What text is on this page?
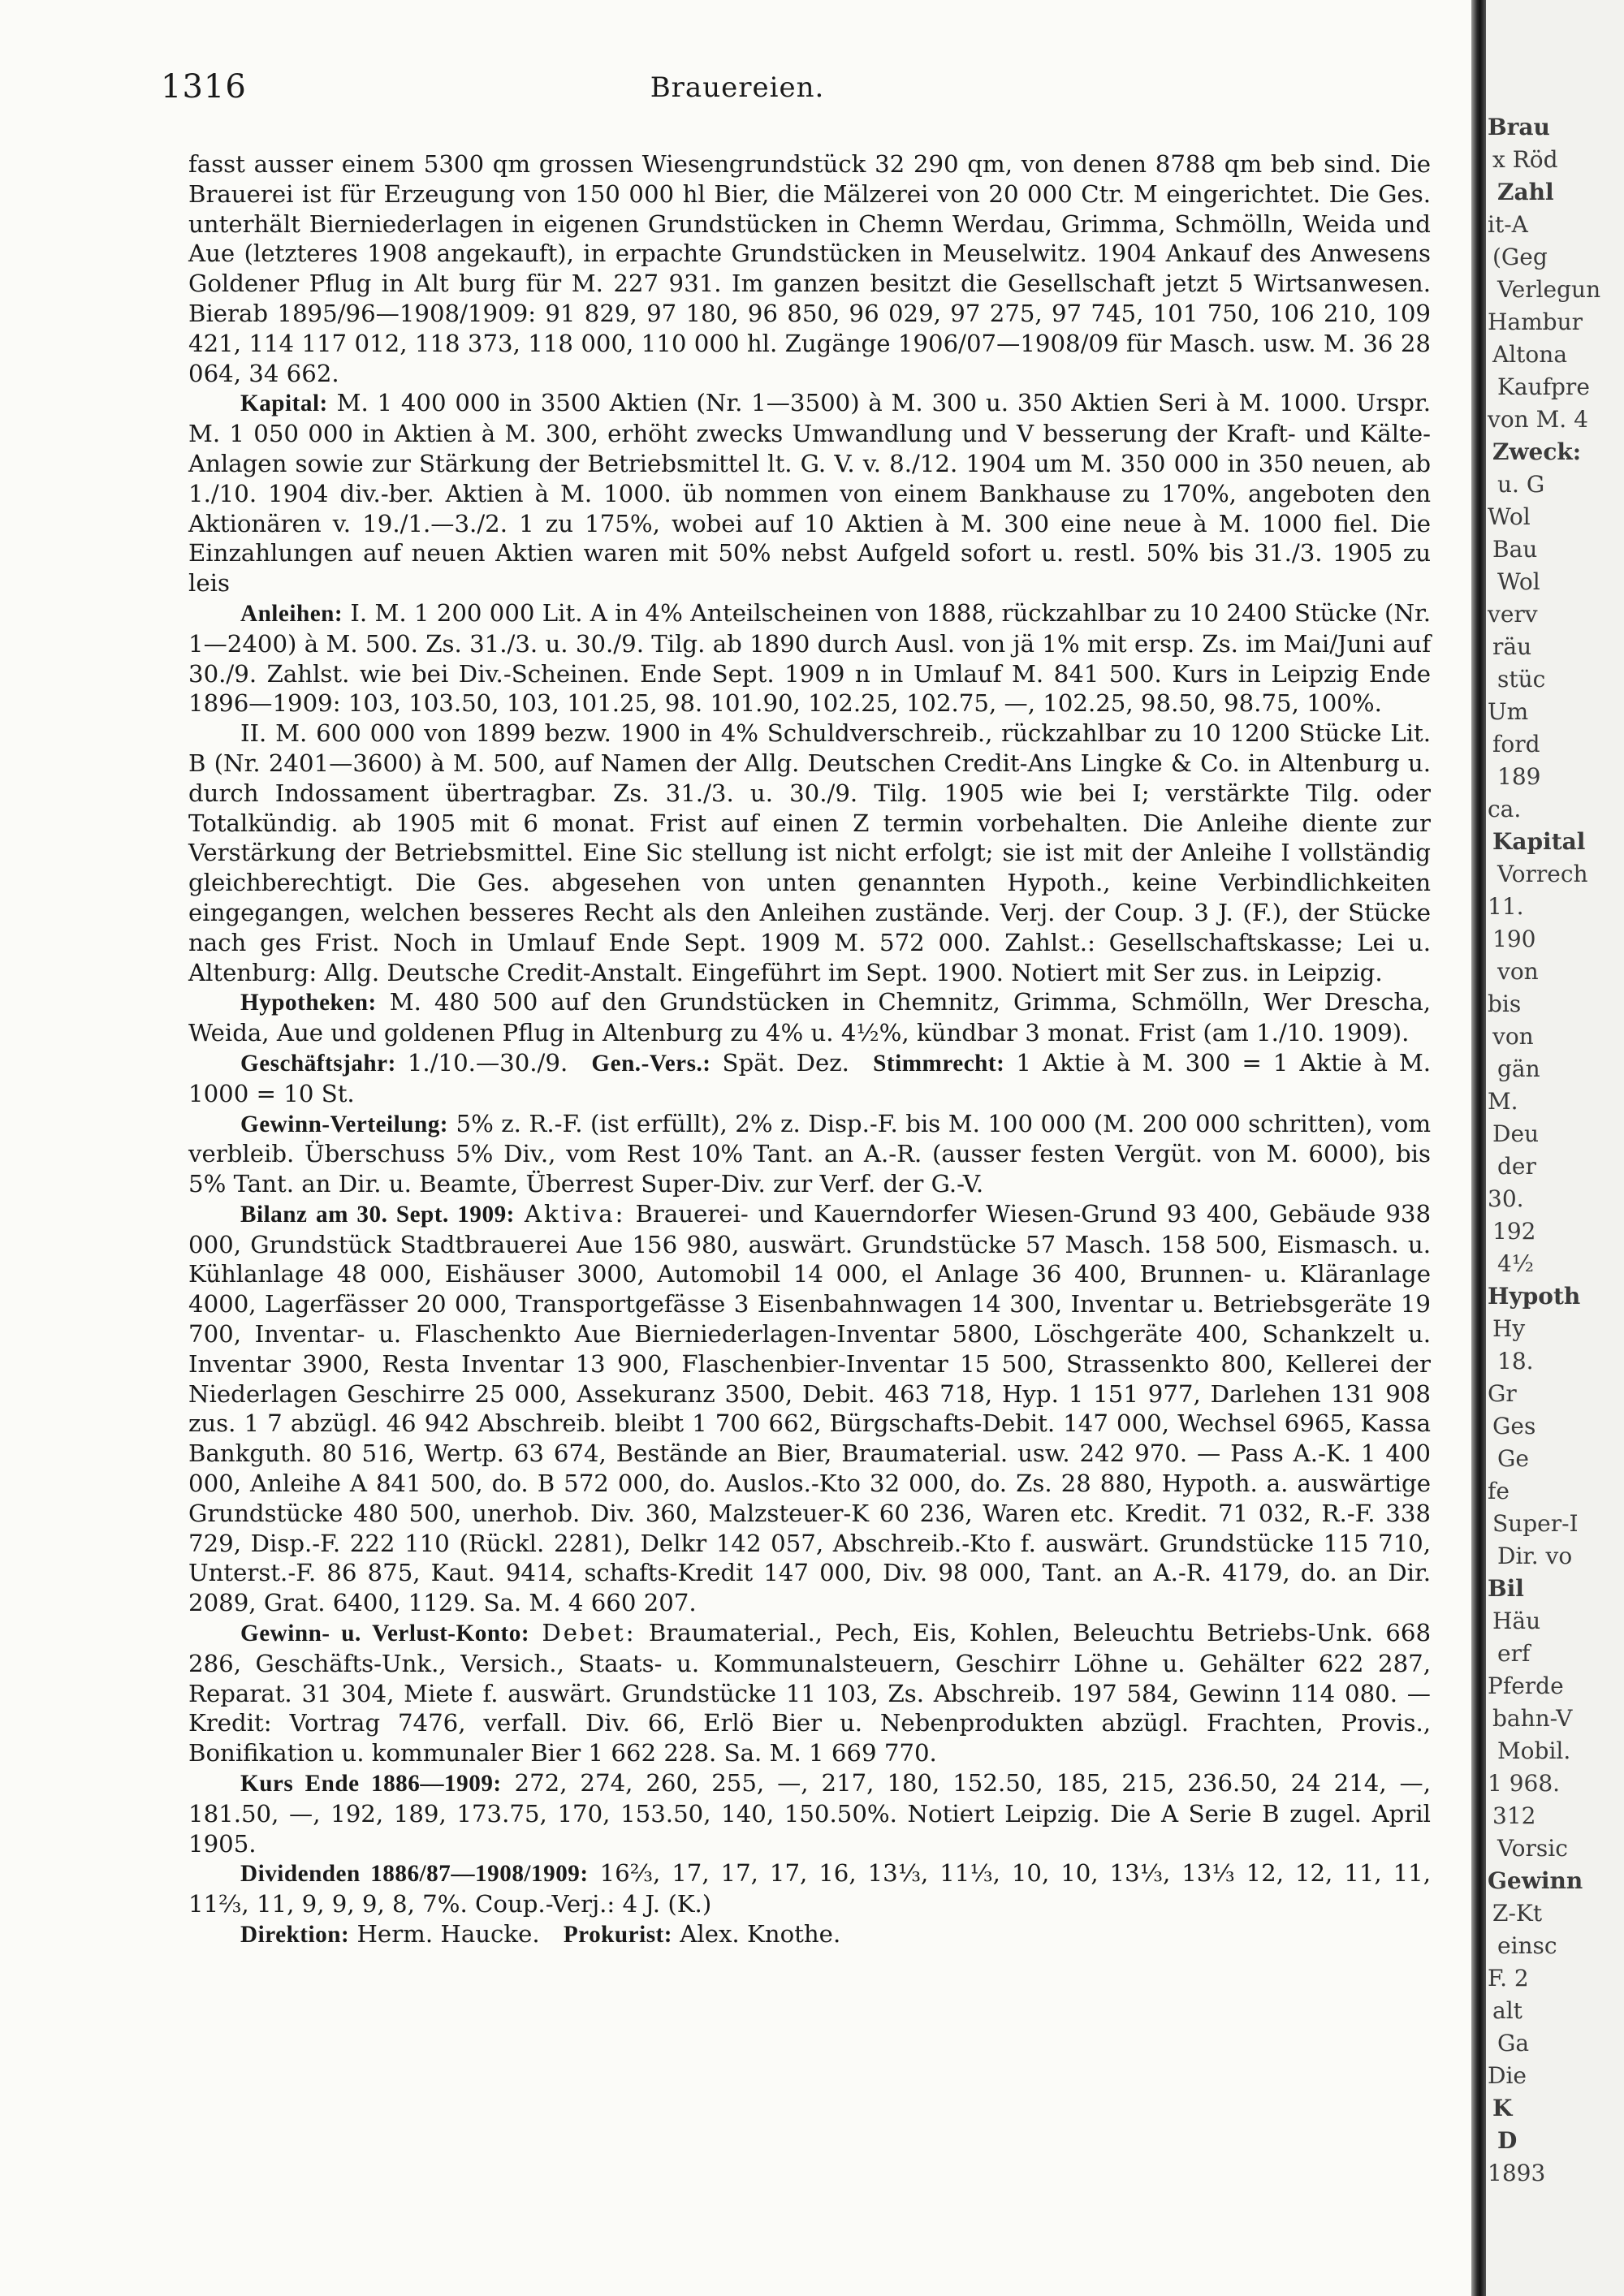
1316	Brauereien.

fasst ausser einem 5300 qm grossen Wiesengrundstück 32 290 qm, von denen 8788 qm beb sind. Die Brauerei ist für Erzeugung von 150 000 hl Bier, die Mälzerei von 20 000 Ctr. M eingerichtet. Die Ges. unterhält Bierniederlagen in eigenen Grundstücken in Chemn Werdau, Grimma, Schmölln, Weida und Aue (letzteres 1908 angekauft), in erpachte Grundstücken in Meuselwitz. 1904 Ankauf des Anwesens Goldener Pflug in Alt burg für M. 227 931. Im ganzen besitzt die Gesellschaft jetzt 5 Wirtsanwesen. Bierab 1895/96—1908/1909: 91 829, 97 180, 96 850, 96 029, 97 275, 97 745, 101 750, 106 210, 109 421, 114 117 012, 118 373, 118 000, 110 000 hl. Zugänge 1906/07—1908/09 für Masch. usw. M. 36 28 064, 34 662.

Kapital: M. 1 400 000 in 3500 Aktien (Nr. 1—3500) à M. 300 u. 350 Aktien Seri à M. 1000. Urspr. M. 1 050 000 in Aktien à M. 300, erhöht zwecks Umwandlung und V besserung der Kraft- und Kälte-Anlagen sowie zur Stärkung der Betriebsmittel lt. G. V. v. 8./12. 1904 um M. 350 000 in 350 neuen, ab 1./10. 1904 div.-ber. Aktien à M. 1000. üb nommen von einem Bankhause zu 170%, angeboten den Aktionären v. 19./1.—3./2. 1 zu 175%, wobei auf 10 Aktien à M. 300 eine neue à M. 1000 fiel. Die Einzahlungen auf neuen Aktien waren mit 50% nebst Aufgeld sofort u. restl. 50% bis 31./3. 1905 zu leis

Anleihen: I. M. 1 200 000 Lit. A in 4% Anteilscheinen von 1888, rückzahlbar zu 10 2400 Stücke (Nr. 1—2400) à M. 500. Zs. 31./3. u. 30./9. Tilg. ab 1890 durch Ausl. von jä 1% mit ersp. Zs. im Mai/Juni auf 30./9. Zahlst. wie bei Div.-Scheinen. Ende Sept. 1909 n in Umlauf M. 841 500. Kurs in Leipzig Ende 1896—1909: 103, 103.50, 103, 101.25, 98. 101.90, 102.25, 102.75, —, 102.25, 98.50, 98.75, 100%.

II. M. 600 000 von 1899 bezw. 1900 in 4% Schuldverschreib., rückzahlbar zu 10 1200 Stücke Lit. B (Nr. 2401—3600) à M. 500, auf Namen der Allg. Deutschen Credit-Ans Lingke & Co. in Altenburg u. durch Indossament übertragbar. Zs. 31./3. u. 30./9. Tilg. 1905 wie bei I; verstärkte Tilg. oder Totalkündig. ab 1905 mit 6 monat. Frist auf einen Z termin vorbehalten. Die Anleihe diente zur Verstärkung der Betriebsmittel. Eine Sic stellung ist nicht erfolgt; sie ist mit der Anleihe I vollständig gleichberechtigt. Die Ges. abgesehen von unten genannten Hypoth., keine Verbindlichkeiten eingegangen, welchen besseres Recht als den Anleihen zustände. Verj. der Coup. 3 J. (F.), der Stücke nach ges Frist. Noch in Umlauf Ende Sept. 1909 M. 572 000. Zahlst.: Gesellschaftskasse; Lei u. Altenburg: Allg. Deutsche Credit-Anstalt. Eingeführt im Sept. 1900. Notiert mit Ser zus. in Leipzig.

Hypotheken: M. 480 500 auf den Grundstücken in Chemnitz, Grimma, Schmölln, Wer Drescha, Weida, Aue und goldenen Pflug in Altenburg zu 4% u. 4½%, kündbar 3 monat. Frist (am 1./10. 1909).

Geschäftsjahr: 1./10.—30./9.  Gen.-Vers.: Spät. Dez.  Stimmrecht: 1 Aktie à M. 300 = 1 Aktie à M. 1000 = 10 St.

Gewinn-Verteilung: 5% z. R.-F. (ist erfüllt), 2% z. Disp.-F. bis M. 100 000 (M. 200 000 schritten), vom verbleib. Überschuss 5% Div., vom Rest 10% Tant. an A.-R. (ausser festen Vergüt. von M. 6000), bis 5% Tant. an Dir. u. Beamte, Überrest Super-Div. zur Verf. der G.-V.

Bilanz am 30. Sept. 1909: Aktiva: Brauerei- und Kauerndorfer Wiesen-Grund 93 400, Gebäude 938 000, Grundstück Stadtbrauerei Aue 156 980, auswärt. Grundstücke 57 Masch. 158 500, Eismasch. u. Kühlanlage 48 000, Eishäuser 3000, Automobil 14 000, el Anlage 36 400, Brunnen- u. Kläranlage 4000, Lagerfässer 20 000, Transportgefässe 3 Eisenbahnwagen 14 300, Inventar u. Betriebsgeräte 19 700, Inventar- u. Flaschenkto Aue Bierniederlagen-Inventar 5800, Löschgeräte 400, Schankzelt u. Inventar 3900, Resta Inventar 13 900, Flaschenbier-Inventar 15 500, Strassenkto 800, Kellerei der Niederlagen Geschirre 25 000, Assekuranz 3500, Debit. 463 718, Hyp. 1 151 977, Darlehen 131 908 zus. 1 7 abzügl. 46 942 Abschreib. bleibt 1 700 662, Bürgschafts-Debit. 147 000, Wechsel 6965, Kassa Bankguth. 80 516, Wertp. 63 674, Bestände an Bier, Braumaterial. usw. 242 970. — Pass A.-K. 1 400 000, Anleihe A 841 500, do. B 572 000, do. Auslos.-Kto 32 000, do. Zs. 28 880, Hypoth. a. auswärtige Grundstücke 480 500, unerhob. Div. 360, Malzsteuer-K 60 236, Waren etc. Kredit. 71 032, R.-F. 338 729, Disp.-F. 222 110 (Rückl. 2281), Delkr 142 057, Abschreib.-Kto f. auswärt. Grundstücke 115 710, Unterst.-F. 86 875, Kaut. 9414, schafts-Kredit 147 000, Div. 98 000, Tant. an A.-R. 4179, do. an Dir. 2089, Grat. 6400, 1129. Sa. M. 4 660 207.

Gewinn- u. Verlust-Konto: Debet: Braumaterial., Pech, Eis, Kohlen, Beleuchtu Betriebs-Unk. 668 286, Geschäfts-Unk., Versich., Staats- u. Kommunalsteuern, Geschirr Löhne u. Gehälter 622 287, Reparat. 31 304, Miete f. auswärt. Grundstücke 11 103, Zs. Abschreib. 197 584, Gewinn 114 080. — Kredit: Vortrag 7476, verfall. Div. 66, Erlö Bier u. Nebenprodukten abzügl. Frachten, Provis., Bonifikation u. kommunaler Bier 1 662 228. Sa. M. 1 669 770.

Kurs Ende 1886—1909: 272, 274, 260, 255, —, 217, 180, 152.50, 185, 215, 236.50, 24 214, —, 181.50, —, 192, 189, 173.75, 170, 153.50, 140, 150.50%. Notiert Leipzig. Die A Serie B zugel. April 1905.

Dividenden 1886/87—1908/1909: 16⅔, 17, 17, 17, 16, 13⅓, 11⅓, 10, 10, 13⅓, 13⅓ 12, 12, 11, 11, 11⅔, 11, 9, 9, 9, 8, 7%. Coup.-Verj.: 4 J. (K.)

Direktion: Herm. Haucke.  Prokurist: Alex. Knothe.

Brau
x Röd
Zahl
it-A
(Geg
Verlegun
Hambur
Altona
Kaufpre
von M. 4
Zweck:
u. G
Wol
Bau
Wol
verv
räu
stüc
Um
ford
189
ca.
Kapital
Vorrech
11.
190
von
bis
von
gän
M.
Deu
der
30.
192
4½
Hypoth
Hy
18.
Gr
Ges
Ge
fe
Super-I
Dir. vo
Bil
Häu
erf
Pferde
bahn-V
Mobil.
1 968.
312
Vorsic
Gewinn
Z-Kt
einsc
F. 2
alt
Ga
Die
K
D
1893
